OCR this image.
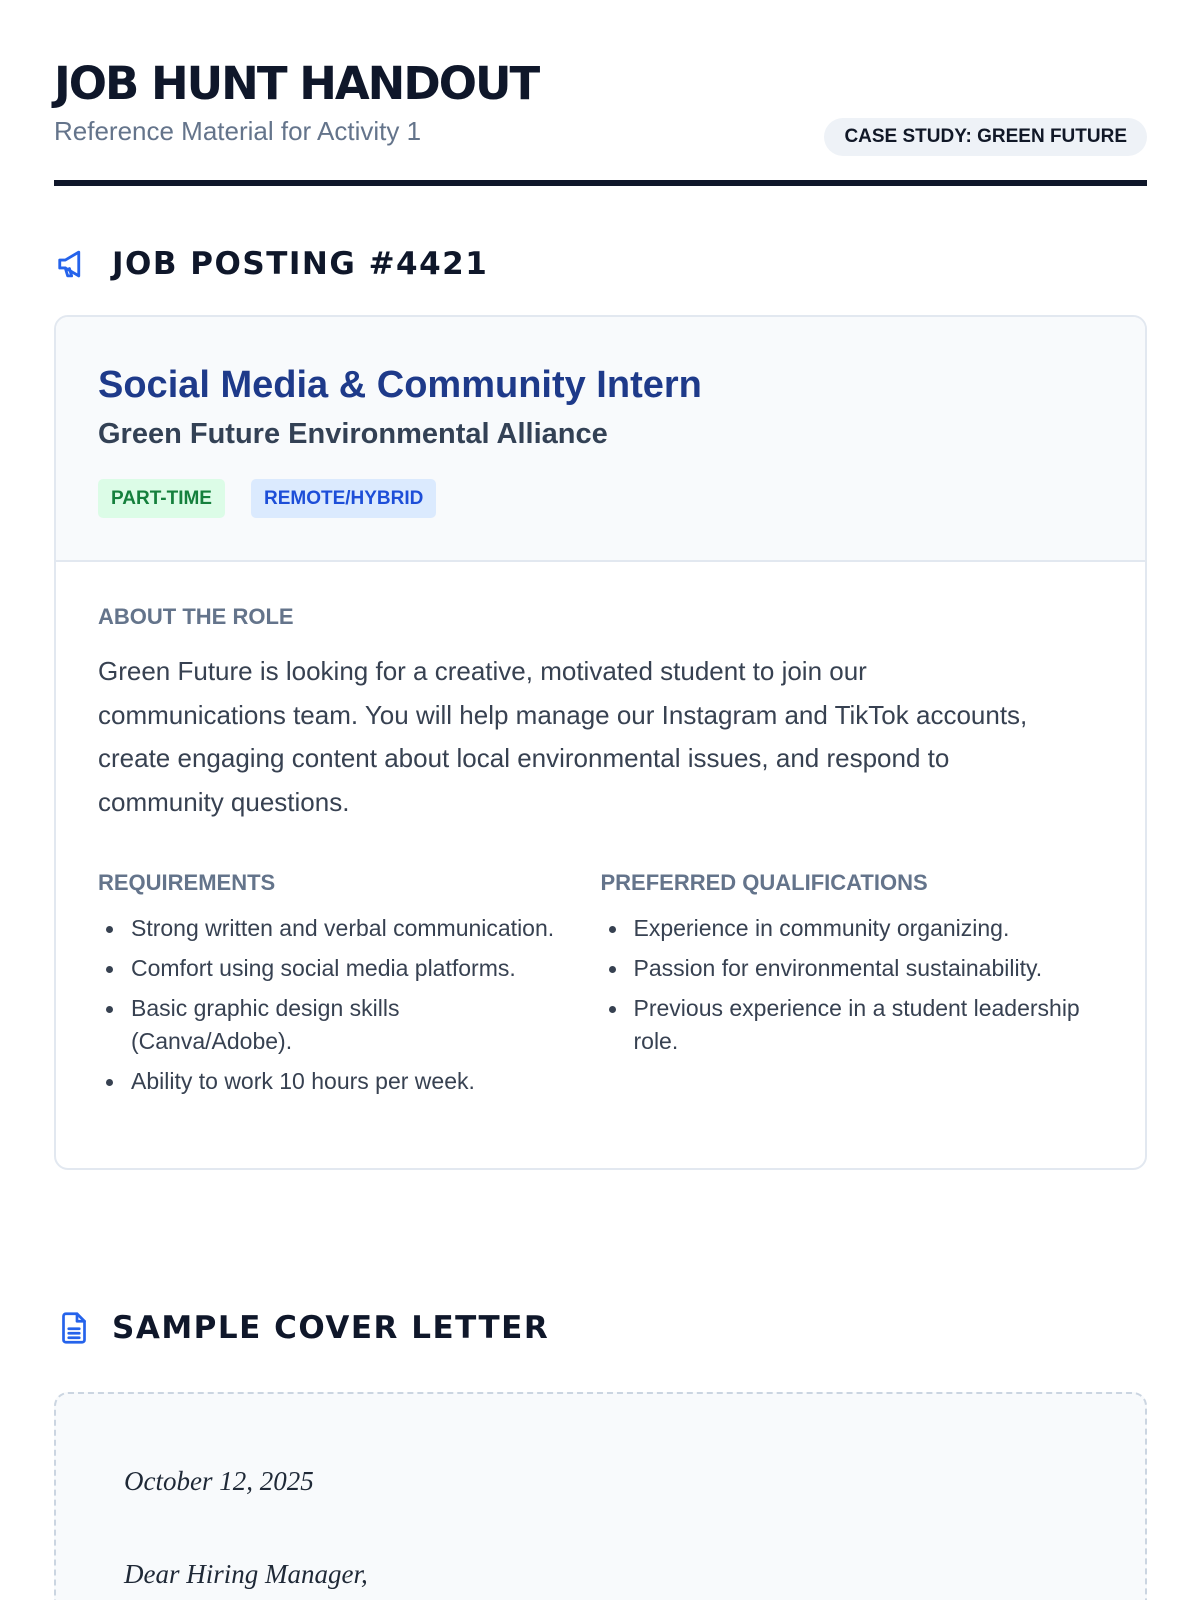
JOB HUNT HANDOUT
Reference Material for Activity 1	CASE STUDY: GREEN FUTURE
JOB POSTING #4421
Social Media & Community Intern
Green Future Environmental Alliance
PART-TIME	REMOTE/HYBRID
ABOUT THE ROLE
Green Future is looking for a creative, motivated student to join our communications team. You will help manage our Instagram and TikTok accounts, create engaging content about local environmental issues, and respond to community questions.
REQUIREMENTS
Strong written and verbal communication.
Comfort using social media platforms.
Basic graphic design skills (Canva/Adobe).
Ability to work 10 hours per week.
PREFERRED QUALIFICATIONS
Experience in community organizing.
Passion for environmental sustainability.
Previous experience in a student leadership role.
SAMPLE COVER LETTER
October 12, 2025
Dear Hiring Manager,
